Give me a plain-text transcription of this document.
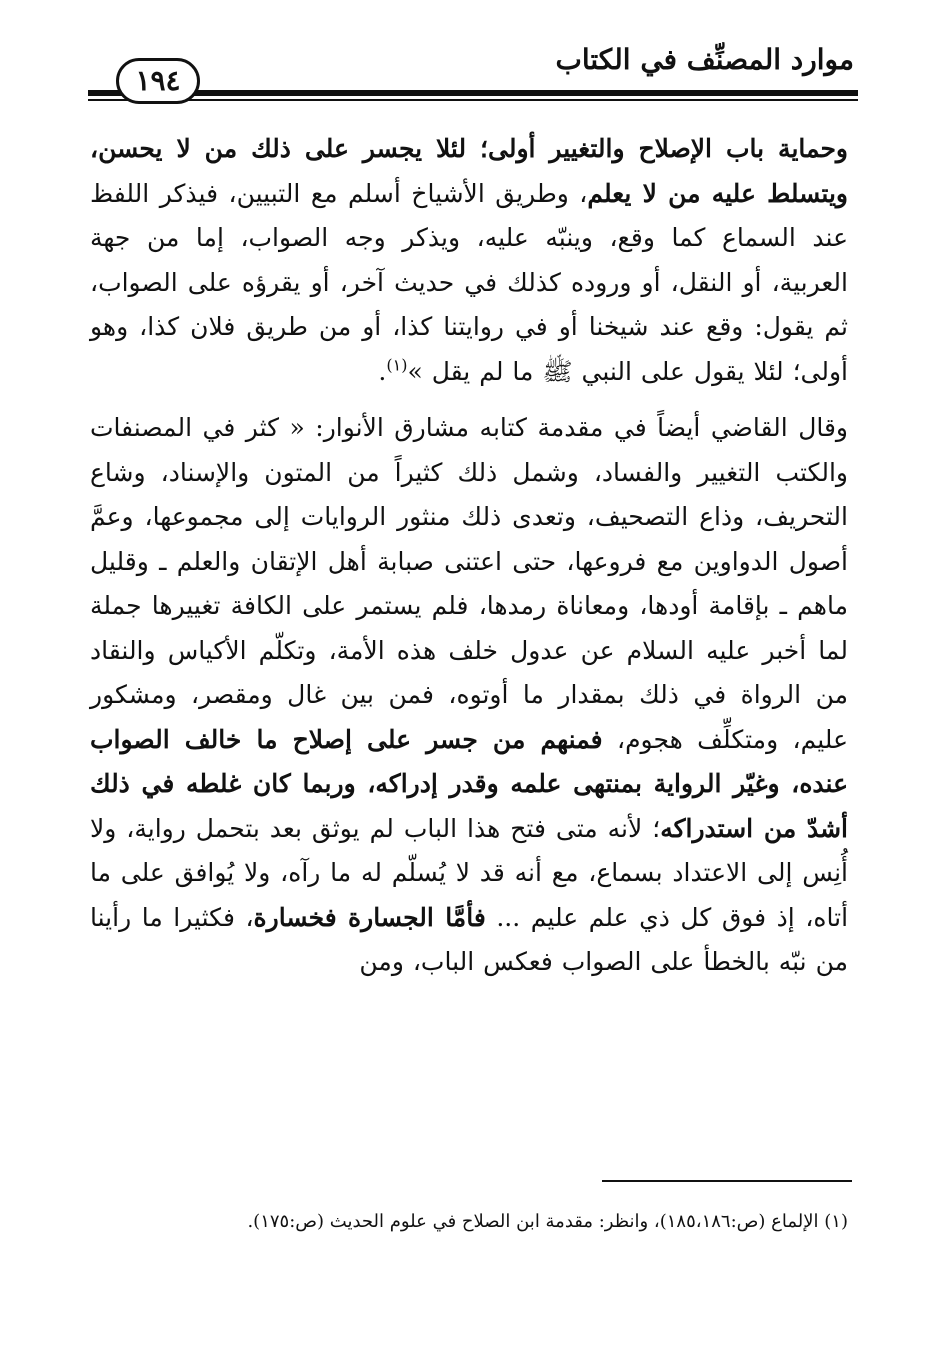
موارد المصنِّف في الكتاب
١٩٤

وحماية باب الإصلاح والتغيير أولى؛ لئلا يجسر على ذلك من لا يحسن، ويتسلط عليه من لا يعلم، وطريق الأشياخ أسلم مع التبيين، فيذكر اللفظ عند السماع كما وقع، وينبّه عليه، ويذكر وجه الصواب، إما من جهة العربية، أو النقل، أو وروده كذلك في حديث آخر، أو يقرؤه على الصواب، ثم يقول: وقع عند شيخنا أو في روايتنا كذا، أو من طريق فلان كذا، وهو أولى؛ لئلا يقول على النبي ﷺ ما لم يقل »$^{(١)}$.

وقال القاضي أيضاً في مقدمة كتابه مشارق الأنوار: « كثر في المصنفات والكتب التغيير والفساد، وشمل ذلك كثيراً من المتون والإسناد، وشاع التحريف، وذاع التصحيف، وتعدى ذلك منثور الروايات إلى مجموعها، وعمَّ أصول الدواوين مع فروعها، حتى اعتنى صبابة أهل الإتقان والعلم ـ وقليل ماهم ـ بإقامة أودها، ومعاناة رمدها، فلم يستمر على الكافة تغييرها جملة لما أخبر عليه السلام عن عدول خلف هذه الأمة، وتكلّم الأكياس والنقاد من الرواة في ذلك بمقدار ما أوتوه، فمن بين غال ومقصر، ومشكور عليم، ومتكلِّف هجوم، فمنهم من جسر على إصلاح ما خالف الصواب عنده، وغيّر الرواية بمنتهى علمه وقدر إدراكه، وربما كان غلطه في ذلك أشدّ من استدراكه؛ لأنه متى فتح هذا الباب لم يوثق بعد بتحمل رواية، ولا أُنِس إلى الاعتداد بسماع، مع أنه قد لا يُسلّم له ما رآه، ولا يُوافق على ما أتاه، إذ فوق كل ذي علم عليم ... فأمَّا الجسارة فخسارة، فكثيرا ما رأينا من نبّه بالخطأ على الصواب فعكس الباب، ومن

(١) الإلماع (ص:١٨٥،١٨٦)، وانظر: مقدمة ابن الصلاح في علوم الحديث (ص:١٧٥).
